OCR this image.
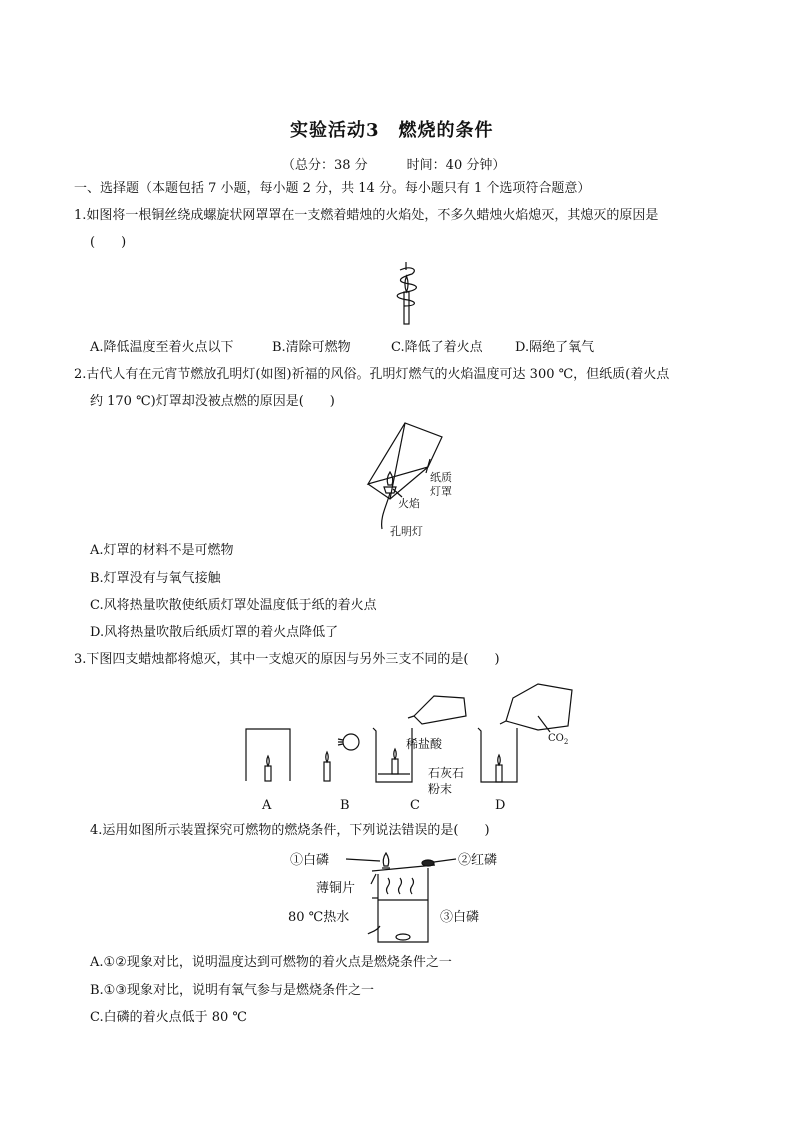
实验活动3　燃烧的条件
（总分：38 分　　　时间：40 分钟）
一、选择题（本题包括 7 小题，每小题 2 分，共 14 分。每小题只有 1 个选项符合题意）
1.如图将一根铜丝绕成螺旋状网罩罩在一支燃着蜡烛的火焰处，不多久蜡烛火焰熄灭，其熄灭的原因是
(　　)
A.降低温度至着火点以下	B.清除可燃物	C.降低了着火点 D.隔绝了氧气
2.古代人有在元宵节燃放孔明灯(如图)祈福的风俗。孔明灯燃气的火焰温度可达 300 ℃，但纸质(着火点
约 170 ℃)灯罩却没被点燃的原因是(　　)
纸质
灯罩
火焰
孔明灯
A.灯罩的材料不是可燃物
B.灯罩没有与氧气接触
C.风将热量吹散使纸质灯罩处温度低于纸的着火点
D.风将热量吹散后纸质灯罩的着火点降低了
3.下图四支蜡烛都将熄灭，其中一支熄灭的原因与另外三支不同的是(　　)
稀盐酸
石灰石
粉末
$CO_2$
A	B	C	D
4.运用如图所示装置探究可燃物的燃烧条件，下列说法错误的是(　　)
①白磷	②红磷
薄铜片
80 ℃热水	③白磷
A.①②现象对比，说明温度达到可燃物的着火点是燃烧条件之一
B.①③现象对比，说明有氧气参与是燃烧条件之一
C.白磷的着火点低于 80 ℃
